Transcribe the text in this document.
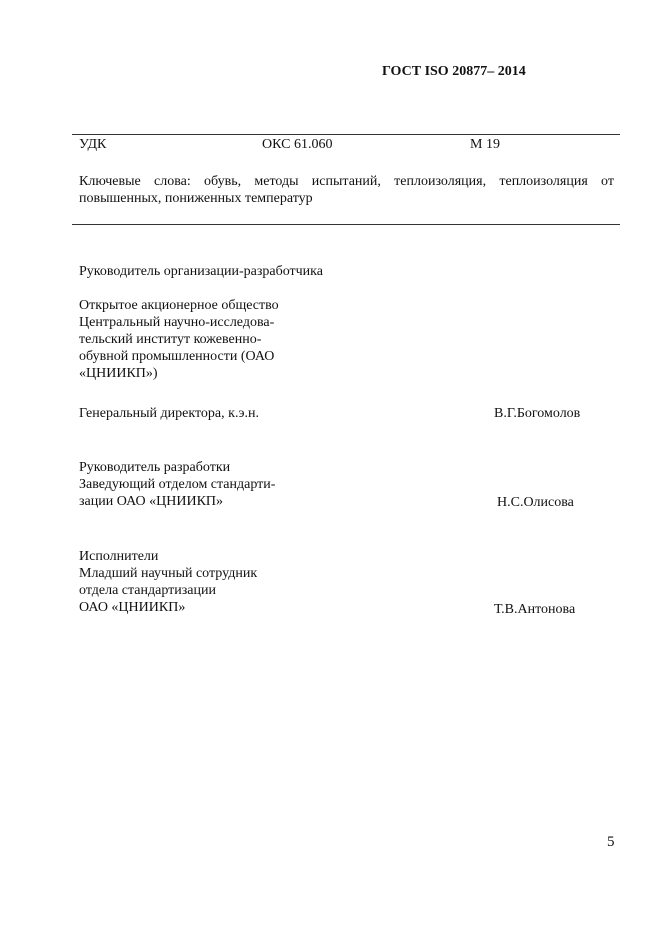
ГОСТ ISO 20877– 2014
УДК	ОКС 61.060	М 19
Ключевые слова: обувь, методы испытаний, теплоизоляция, теплоизоляция от повышенных, пониженных температур
Руководитель организации-разработчика
Открытое акционерное общество
Центральный научно-исследова-
тельский институт кожевенно-
обувной промышленности (ОАО
«ЦНИИКП»)
Генеральный директора, к.э.н.	В.Г.Богомолов
Руководитель разработки
Заведующий отделом стандарти-
зации ОАО «ЦНИИКП»	Н.С.Олисова
Исполнители
Младший научный сотрудник
отдела стандартизации
ОАО «ЦНИИКП»	Т.В.Антонова
5
